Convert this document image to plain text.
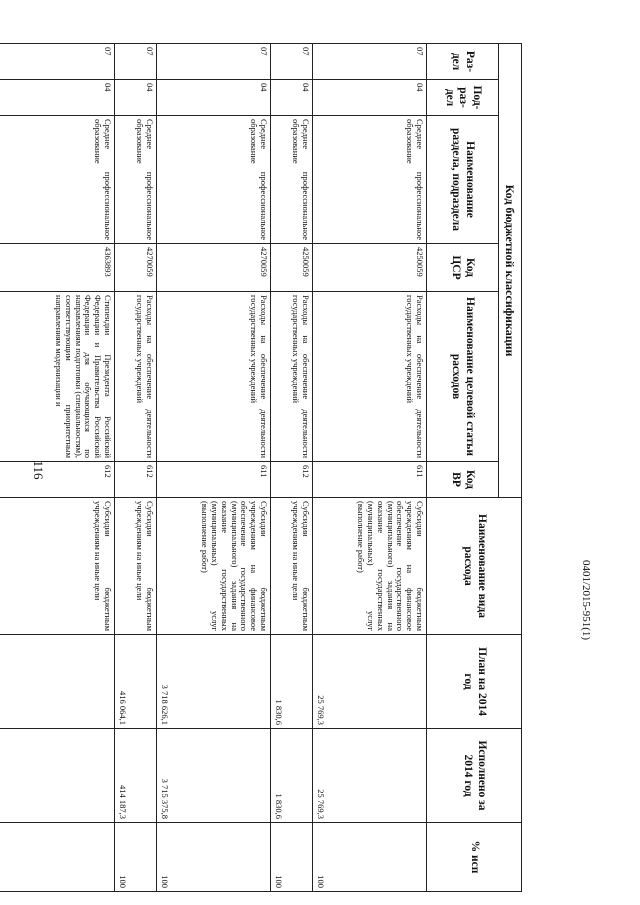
116
Код бюджетной классификации						Наименование вида расхода	План на 2014 год	Исполнено за 2014 год	% исп
Раз-дел	Под-раз-дел	Наименование раздела, подраздела	Код ЦСР	Наименование целевой статьи расходов	Код ВР				
07	04	Среднее профессиональное образование	4250059	Расходы на обеспечение деятельности государственных учреждений	611	Субсидии бюджетным учреждениям на финансовое обеспечение государственного (муниципального) задания на оказание государственных (муниципальных) услуг (выполнение работ)	25 769,3	25 769,3	100
07	04	Среднее профессиональное образование	4250059	Расходы на обеспечение деятельности государственных учреждений	612	Субсидии бюджетным учреждениям на иные цели	1 830,6	1 830,6	100
07	04	Среднее профессиональное образование	4270059	Расходы на обеспечение деятельности государственных учреждений	611	Субсидии бюджетным учреждениям на финансовое обеспечение государственного (муниципального) задания на оказание государственных (муниципальных) услуг (выполнение работ)	3 718 626,1	3 715 375,8	100
07	04	Среднее профессиональное образование	4270059	Расходы на обеспечение деятельности государственных учреждений	612	Субсидии бюджетным учреждениям на иные цели	416 064,1	414 187,3	100
07	04	Среднее профессиональное образование	4363893	Стипендии Президента Российской Федерации и Правительства Российской Федерации для обучающихся по направлениям подготовки (специальностям), соответствующим приоритетным направлениям модернизации и	612	Субсидии бюджетным учреждениям на иные цели				0401/2015-951(1)
